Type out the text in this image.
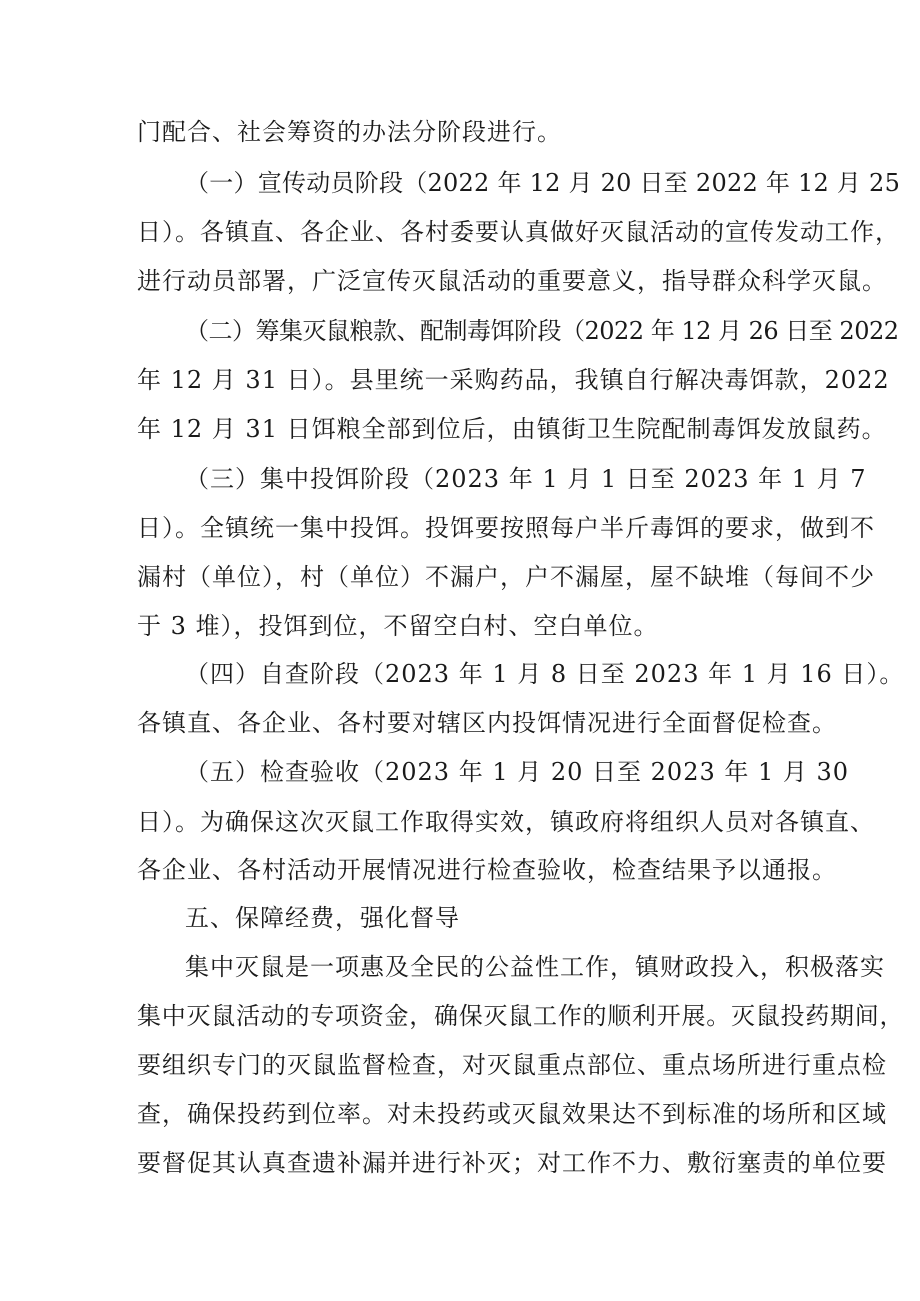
门配合、社会筹资的办法分阶段进行。
（一）宣传动员阶段（2022 年 12 月 20 日至 2022 年 12 月 25
日）。各镇直、各企业、各村委要认真做好灭鼠活动的宣传发动工作，
进行动员部署，广泛宣传灭鼠活动的重要意义，指导群众科学灭鼠。
（二）筹集灭鼠粮款、配制毒饵阶段（2022 年 12 月 26 日至 2022
年 12 月 31 日）。县里统一采购药品，我镇自行解决毒饵款，2022
年 12 月 31 日饵粮全部到位后，由镇街卫生院配制毒饵发放鼠药。
（三）集中投饵阶段（2023 年 1 月 1 日至 2023 年 1 月 7
日）。全镇统一集中投饵。投饵要按照每户半斤毒饵的要求，做到不
漏村（单位），村（单位）不漏户，户不漏屋，屋不缺堆（每间不少
于 3 堆），投饵到位，不留空白村、空白单位。
（四）自查阶段（2023 年 1 月 8 日至 2023 年 1 月 16 日）。
各镇直、各企业、各村要对辖区内投饵情况进行全面督促检查。
（五）检查验收（2023 年 1 月 20 日至 2023 年 1 月 30
日）。为确保这次灭鼠工作取得实效，镇政府将组织人员对各镇直、
各企业、各村活动开展情况进行检查验收，检查结果予以通报。
五、保障经费，强化督导
集中灭鼠是一项惠及全民的公益性工作，镇财政投入，积极落实
集中灭鼠活动的专项资金，确保灭鼠工作的顺利开展。灭鼠投药期间，
要组织专门的灭鼠监督检查，对灭鼠重点部位、重点场所进行重点检
查，确保投药到位率。对未投药或灭鼠效果达不到标准的场所和区域
要督促其认真查遗补漏并进行补灭；对工作不力、敷衍塞责的单位要
